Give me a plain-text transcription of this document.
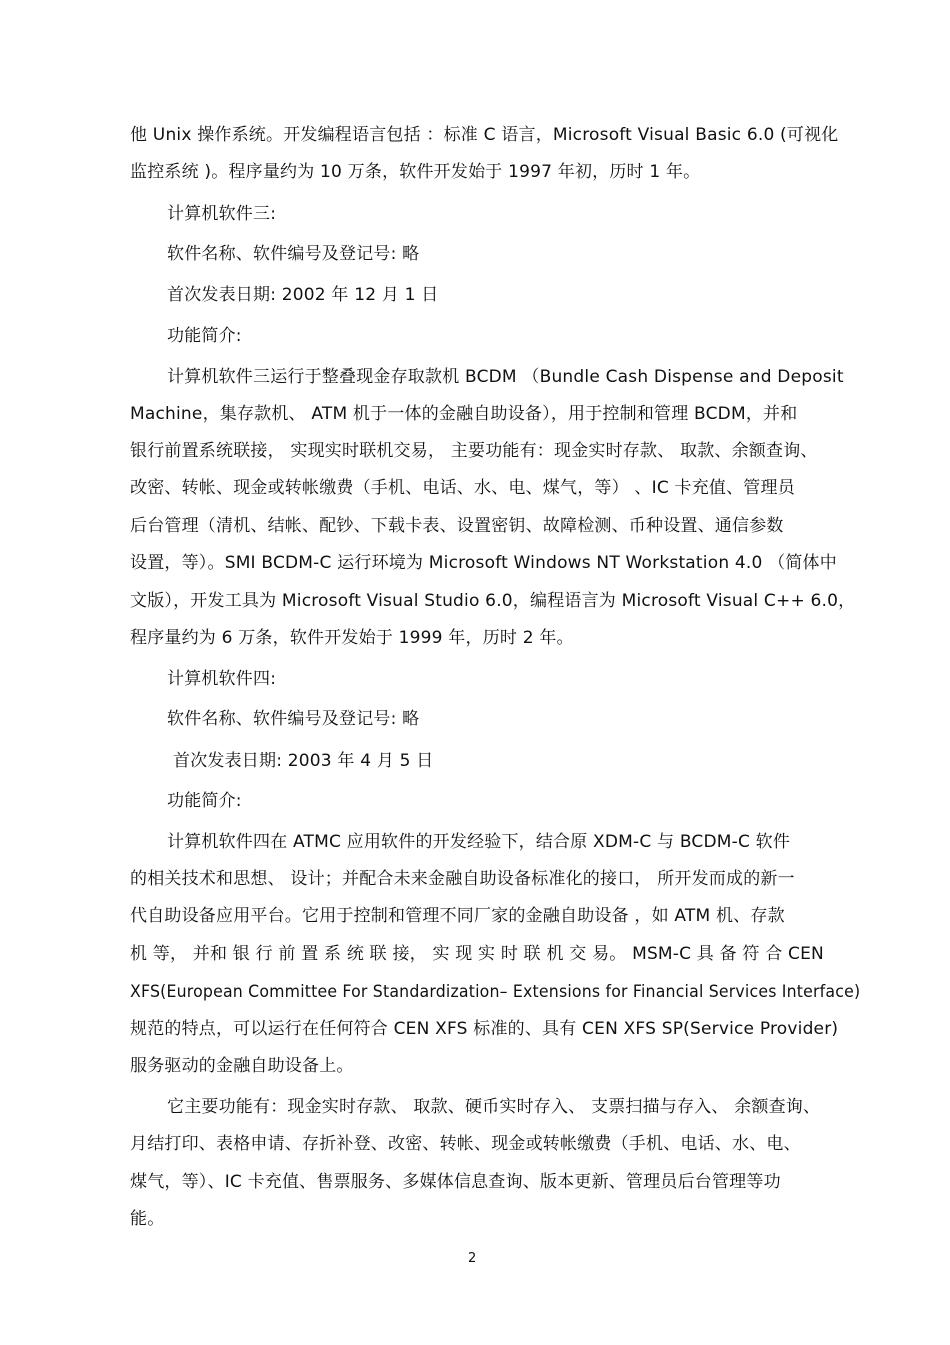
他 Unix 操作系统。开发编程语言包括 ：标准 C 语言，Microsoft Visual Basic 6.0 (可视化
监控系统 )。程序量约为 10 万条，软件开发始于 1997 年初，历时 1 年。
计算机软件三:
软件名称、软件编号及登记号: 略
首次发表日期: 2002 年 12 月 1 日
功能简介:
计算机软件三运行于整叠现金存取款机 BCDM （Bundle Cash Dispense and Deposit
Machine，集存款机、 ATM 机于一体的金融自助设备），用于控制和管理 BCDM，并和
银行前置系统联接， 实现实时联机交易， 主要功能有：现金实时存款、 取款、余额查询、
改密、转帐、现金或转帐缴费（手机、电话、水、电、煤气，等） 、IC 卡充值、管理员
后台管理（清机、结帐、配钞、下载卡表、设置密钥、故障检测、币种设置、通信参数
设置，等）。SMI BCDM-C 运行环境为 Microsoft Windows NT Workstation 4.0 （简体中
文版），开发工具为 Microsoft Visual Studio 6.0，编程语言为 Microsoft Visual C++ 6.0，
程序量约为 6 万条，软件开发始于 1999 年，历时 2 年。
计算机软件四:
软件名称、软件编号及登记号: 略
首次发表日期: 2003 年 4 月 5 日
功能简介:
计算机软件四在 ATMC 应用软件的开发经验下，结合原 XDM-C 与 BCDM-C 软件
的相关技术和思想、 设计；并配合未来金融自助设备标准化的接口， 所开发而成的新一
代自助设备应用平台。它用于控制和管理不同厂家的金融自助设备 ，如 ATM 机、存款
机 等， 并和 银 行 前 置 系 统 联 接， 实 现 实 时 联 机 交 易。 MSM-C 具 备 符 合 CEN
XFS(European Committee For Standardization– Extensions for Financial Services Interface)
规范的特点，可以运行在任何符合 CEN XFS 标准的、具有 CEN XFS SP(Service Provider)
服务驱动的金融自助设备上。
它主要功能有：现金实时存款、 取款、硬币实时存入、 支票扫描与存入、 余额查询、
月结打印、表格申请、存折补登、改密、转帐、现金或转帐缴费（手机、电话、水、电、
煤气，等）、IC 卡充值、售票服务、多媒体信息查询、版本更新、管理员后台管理等功
能。
2
